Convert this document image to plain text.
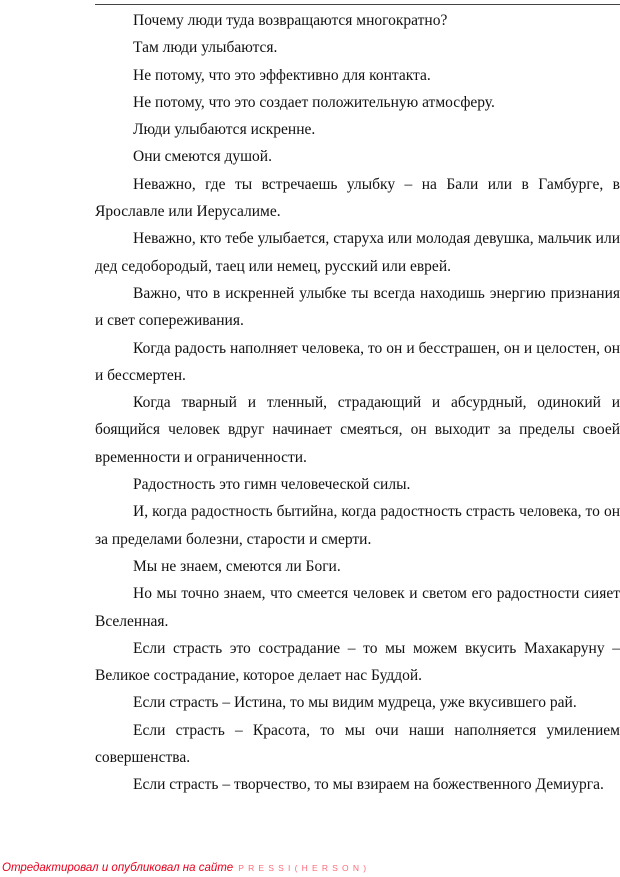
Почему люди туда возвращаются многократно?

Там люди улыбаются.

Не потому, что это эффективно для контакта.

Не потому, что это создает положительную атмосферу.

Люди улыбаются искренне.

Они смеются душой.

Неважно, где ты встречаешь улыбку – на Бали или в Гамбурге, в Ярославле или Иерусалиме.

Неважно, кто тебе улыбается, старуха или молодая девушка, мальчик или дед седобородый, таец или немец, русский или еврей.

Важно, что в искренней улыбке ты всегда находишь энергию признания и свет сопереживания.

Когда радость наполняет человека, то он и бесстрашен, он и целостен, он и бессмертен.

Когда тварный и тленный, страдающий и абсурдный, одинокий и боящийся человек вдруг начинает смеяться, он выходит за пределы своей временности и ограниченности.

Радостность это гимн человеческой силы.

И, когда радостность бытийна, когда радостность страсть человека, то он за пределами болезни, старости и смерти.

Мы не знаем, смеются ли Боги.

Но мы точно знаем, что смеется человек и светом его радостности сияет Вселенная.

Если страсть это сострадание – то мы можем вкусить Махакаруну – Великое сострадание, которое делает нас Буддой.

Если страсть – Истина, то мы видим мудреца, уже вкусившего рай.

Если страсть – Красота, то мы очи наши наполняется умилением совершенства.

Если страсть – творчество, то мы взираем на божественного Демиурга.

Отредактировал и опубликовал на сайте PRESSI(HERSON)
